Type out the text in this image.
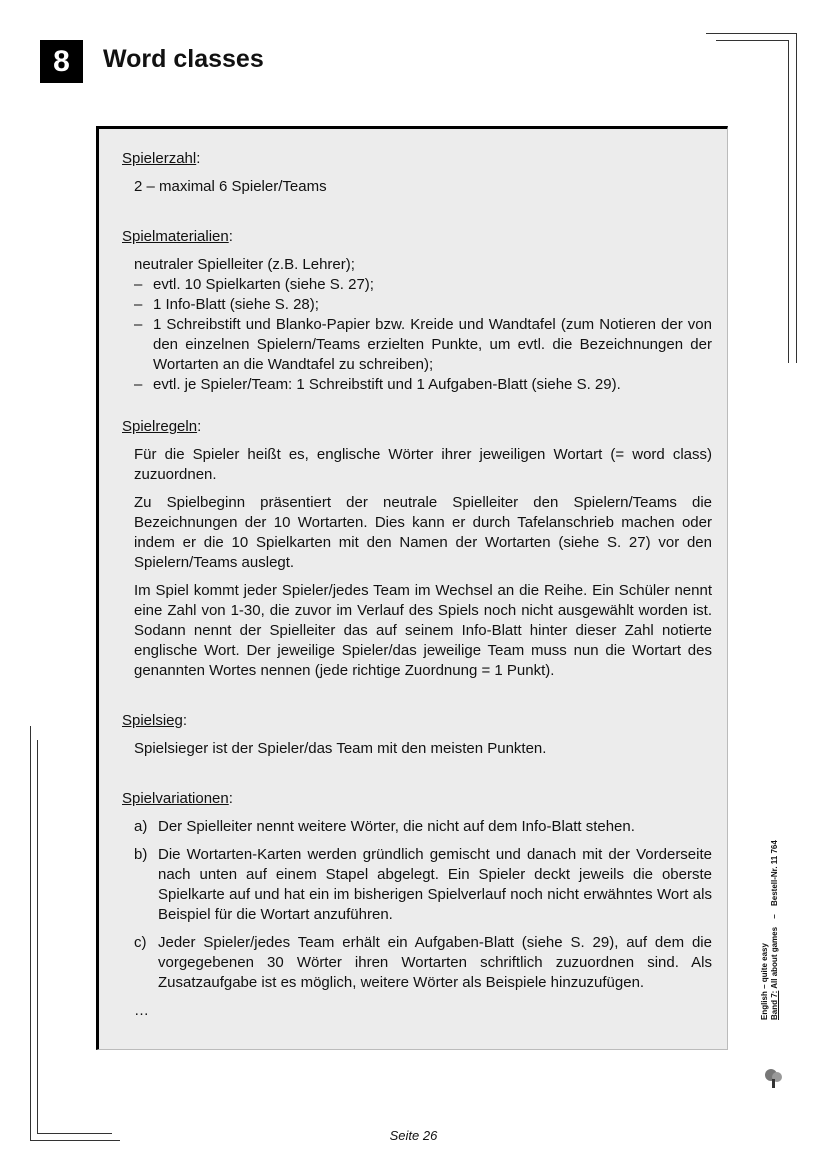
8	Word classes

Spielerzahl:

2 – maximal 6 Spieler/Teams

Spielmaterialien:

neutraler Spielleiter (z.B. Lehrer);
– evtl. 10 Spielkarten (siehe S. 27);
– 1 Info-Blatt (siehe S. 28);
– 1 Schreibstift und Blanko-Papier bzw. Kreide und Wandtafel (zum Notieren der von den einzelnen Spielern/Teams erzielten Punkte, um evtl. die Bezeichnungen der Wortarten an die Wandtafel zu schreiben);
– evtl. je Spieler/Team: 1 Schreibstift und 1 Aufgaben-Blatt (siehe S. 29).

Spielregeln:

Für die Spieler heißt es, englische Wörter ihrer jeweiligen Wortart (= word class) zuzuordnen.

Zu Spielbeginn präsentiert der neutrale Spielleiter den Spielern/Teams die Bezeichnungen der 10 Wortarten. Dies kann er durch Tafelanschrieb machen oder indem er die 10 Spielkarten mit den Namen der Wortarten (siehe S. 27) vor den Spielern/Teams auslegt.

Im Spiel kommt jeder Spieler/jedes Team im Wechsel an die Reihe. Ein Schüler nennt eine Zahl von 1-30, die zuvor im Verlauf des Spiels noch nicht ausgewählt worden ist. Sodann nennt der Spielleiter das auf seinem Info-Blatt hinter dieser Zahl notierte englische Wort. Der jeweilige Spieler/das jeweilige Team muss nun die Wortart des genannten Wortes nennen (jede richtige Zuordnung = 1 Punkt).

Spielsieg:

Spielsieger ist der Spieler/das Team mit den meisten Punkten.

Spielvariationen:

a) Der Spielleiter nennt weitere Wörter, die nicht auf dem Info-Blatt stehen.
b) Die Wortarten-Karten werden gründlich gemischt und danach mit der Vorderseite nach unten auf einem Stapel abgelegt. Ein Spieler deckt jeweils die oberste Spielkarte auf und hat ein im bisherigen Spielverlauf noch nicht erwähntes Wort als Beispiel für die Wortart anzuführen.
c) Jeder Spieler/jedes Team erhält ein Aufgaben-Blatt (siehe S. 29), auf dem die vorgegebenen 30 Wörter ihren Wortarten schriftlich zuzuordnen sind. Als Zusatzaufgabe ist es möglich, weitere Wörter als Beispiele hinzuzufügen.
…	English – quite easy Band 7: All about games – Bestell-Nr. 11 764
Seite 26
